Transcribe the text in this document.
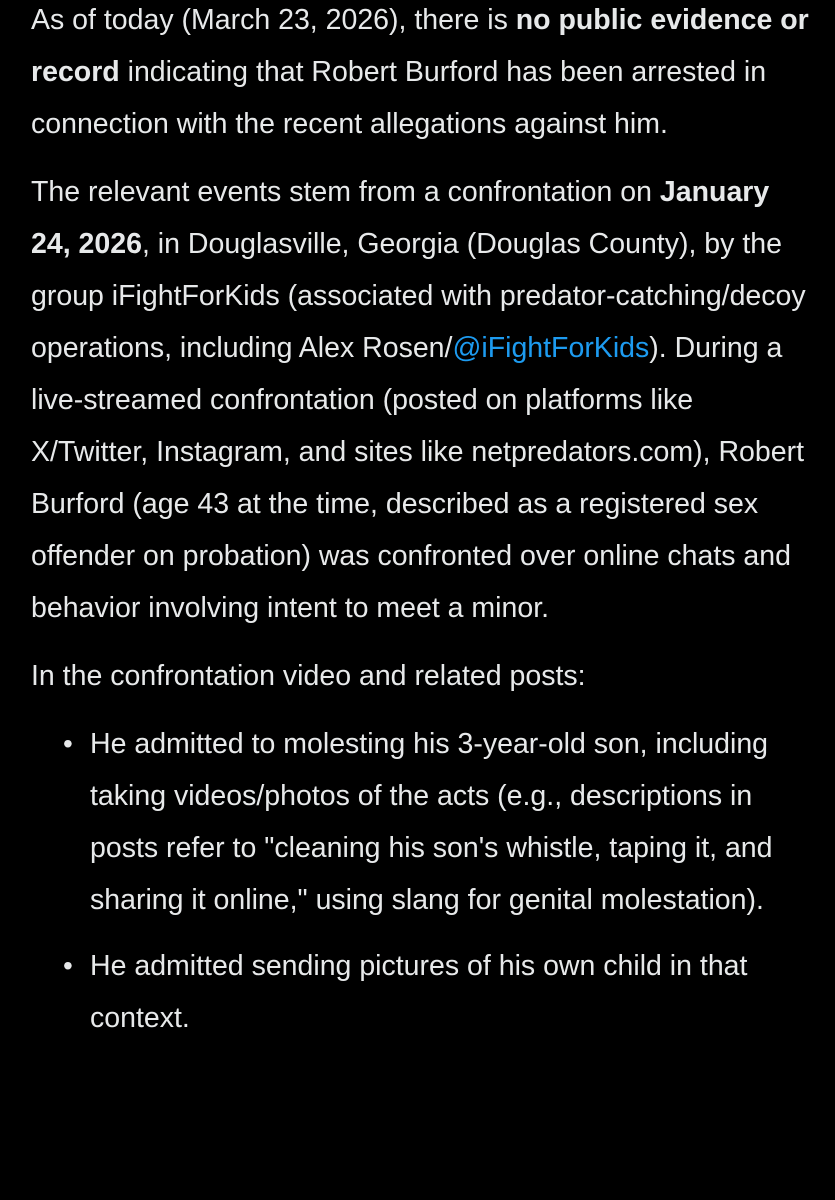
As of today (March 23, 2026), there is no public evidence or record indicating that Robert Burford has been arrested in connection with the recent allegations against him.

The relevant events stem from a confrontation on January 24, 2026, in Douglasville, Georgia (Douglas County), by the group iFightForKids (associated with predator-catching/decoy operations, including Alex Rosen/@iFightForKids). During a live-streamed confrontation (posted on platforms like X/Twitter, Instagram, and sites like netpredators.com), Robert Burford (age 43 at the time, described as a registered sex offender on probation) was confronted over online chats and behavior involving intent to meet a minor.

In the confrontation video and related posts:

• He admitted to molesting his 3-year-old son, including taking videos/photos of the acts (e.g., descriptions in posts refer to "cleaning his son's whistle, taping it, and sharing it online," using slang for genital molestation).
• He admitted sending pictures of his own child in that context.
